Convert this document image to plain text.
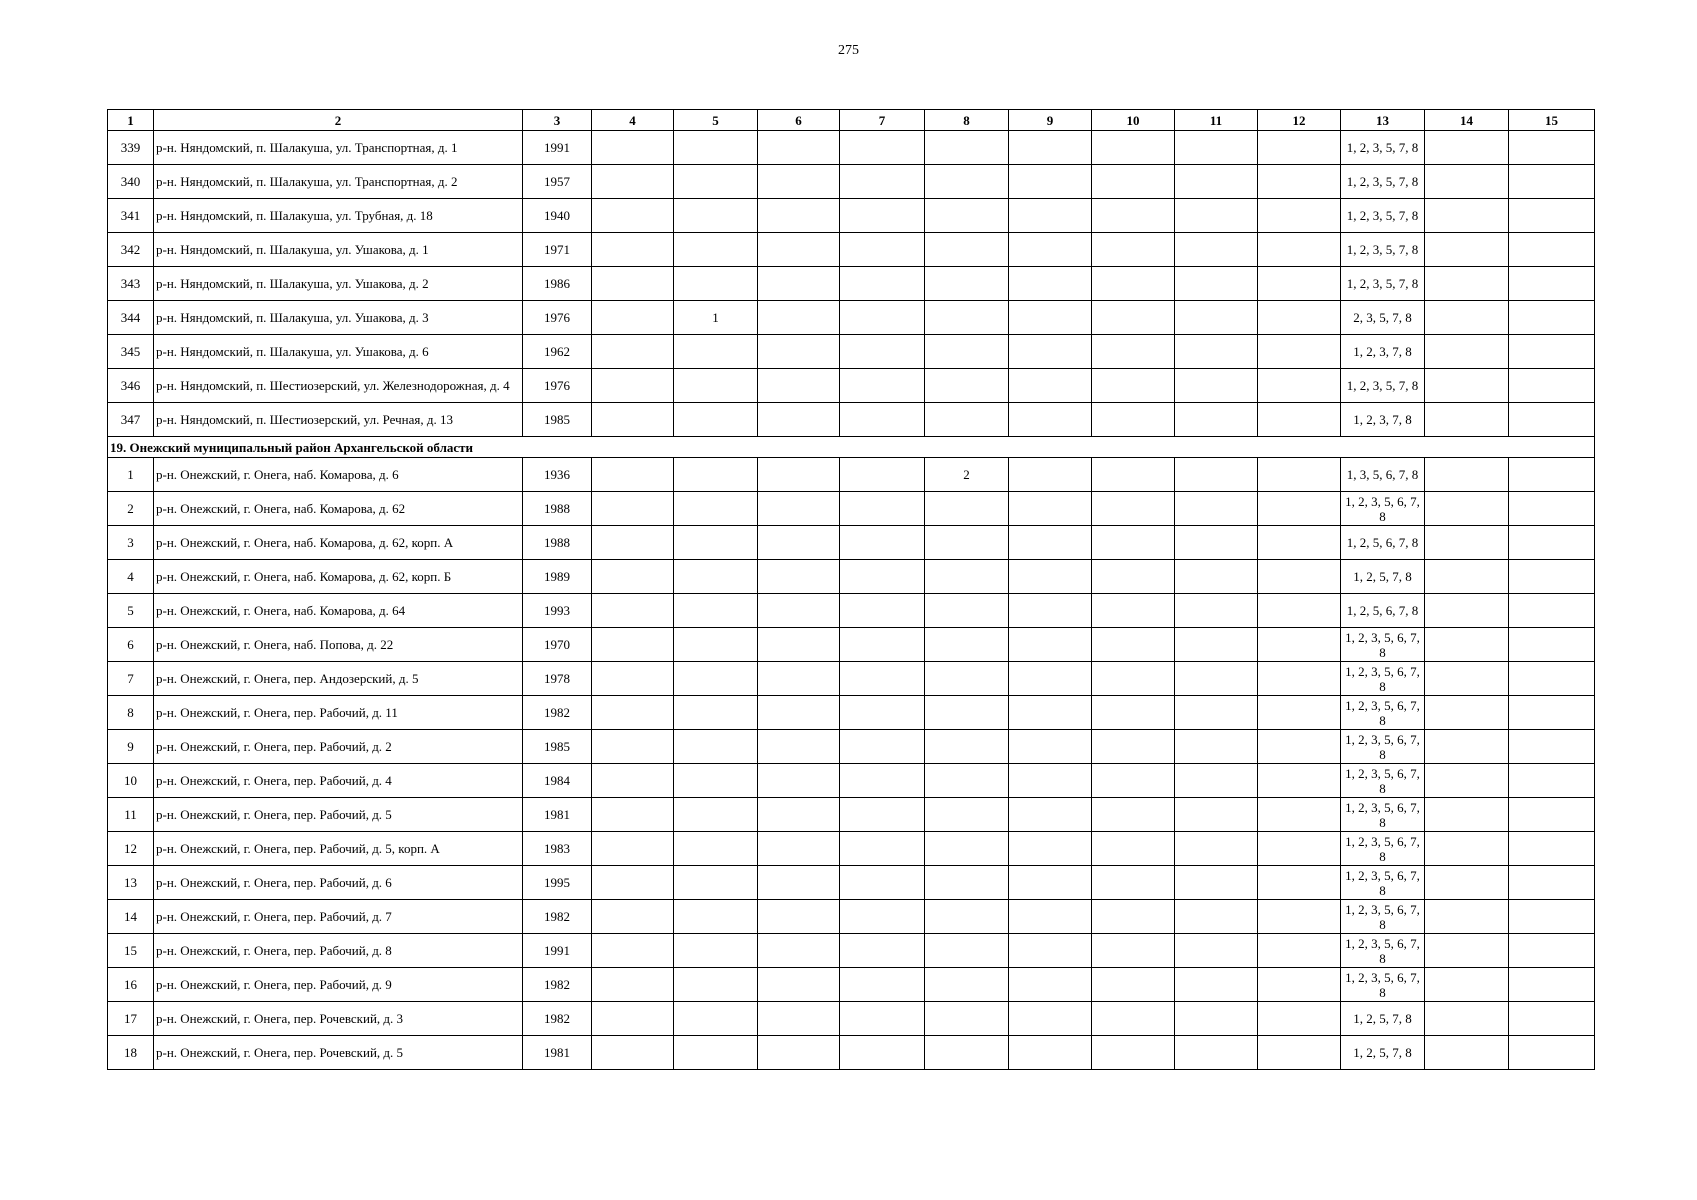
275
1	2	3	4	5	6	7	8	9	10	11	12	13	14	15
339	р-н. Няндомский, п. Шалакуша, ул. Транспортная, д. 1	1991										1, 2, 3, 5, 7, 8		
340	р-н. Няндомский, п. Шалакуша, ул. Транспортная, д. 2	1957										1, 2, 3, 5, 7, 8		
341	р-н. Няндомский, п. Шалакуша, ул. Трубная, д. 18	1940										1, 2, 3, 5, 7, 8		
342	р-н. Няндомский, п. Шалакуша, ул. Ушакова, д. 1	1971										1, 2, 3, 5, 7, 8		
343	р-н. Няндомский, п. Шалакуша, ул. Ушакова, д. 2	1986										1, 2, 3, 5, 7, 8		
344	р-н. Няндомский, п. Шалакуша, ул. Ушакова, д. 3	1976		1								2, 3, 5, 7, 8		
345	р-н. Няндомский, п. Шалакуша, ул. Ушакова, д. 6	1962										1, 2, 3, 7, 8		
346	р-н. Няндомский, п. Шестиозерский, ул. Железнодорожная, д. 4	1976										1, 2, 3, 5, 7, 8		
347	р-н. Няндомский, п. Шестиозерский, ул. Речная, д. 13	1985										1, 2, 3, 7, 8		
19. Онежский муниципальный район Архангельской области														
1	р-н. Онежский, г. Онега, наб. Комарова, д. 6	1936					2					1, 3, 5, 6, 7, 8		
2	р-н. Онежский, г. Онега, наб. Комарова, д. 62	1988										1, 2, 3, 5, 6, 7, 8		
3	р-н. Онежский, г. Онега, наб. Комарова, д. 62, корп. А	1988										1, 2, 5, 6, 7, 8		
4	р-н. Онежский, г. Онега, наб. Комарова, д. 62, корп. Б	1989										1, 2, 5, 7, 8		
5	р-н. Онежский, г. Онега, наб. Комарова, д. 64	1993										1, 2, 5, 6, 7, 8		
6	р-н. Онежский, г. Онега, наб. Попова, д. 22	1970										1, 2, 3, 5, 6, 7, 8		
7	р-н. Онежский, г. Онега, пер. Андозерский, д. 5	1978										1, 2, 3, 5, 6, 7, 8		
8	р-н. Онежский, г. Онега, пер. Рабочий, д. 11	1982										1, 2, 3, 5, 6, 7, 8		
9	р-н. Онежский, г. Онега, пер. Рабочий, д. 2	1985										1, 2, 3, 5, 6, 7, 8		
10	р-н. Онежский, г. Онега, пер. Рабочий, д. 4	1984										1, 2, 3, 5, 6, 7, 8		
11	р-н. Онежский, г. Онега, пер. Рабочий, д. 5	1981										1, 2, 3, 5, 6, 7, 8		
12	р-н. Онежский, г. Онега, пер. Рабочий, д. 5, корп. А	1983										1, 2, 3, 5, 6, 7, 8		
13	р-н. Онежский, г. Онега, пер. Рабочий, д. 6	1995										1, 2, 3, 5, 6, 7, 8		
14	р-н. Онежский, г. Онега, пер. Рабочий, д. 7	1982										1, 2, 3, 5, 6, 7, 8		
15	р-н. Онежский, г. Онега, пер. Рабочий, д. 8	1991										1, 2, 3, 5, 6, 7, 8		
16	р-н. Онежский, г. Онега, пер. Рабочий, д. 9	1982										1, 2, 3, 5, 6, 7, 8		
17	р-н. Онежский, г. Онега, пер. Рочевский, д. 3	1982										1, 2, 5, 7, 8		
18	р-н. Онежский, г. Онега, пер. Рочевский, д. 5	1981										1, 2, 5, 7, 8		
